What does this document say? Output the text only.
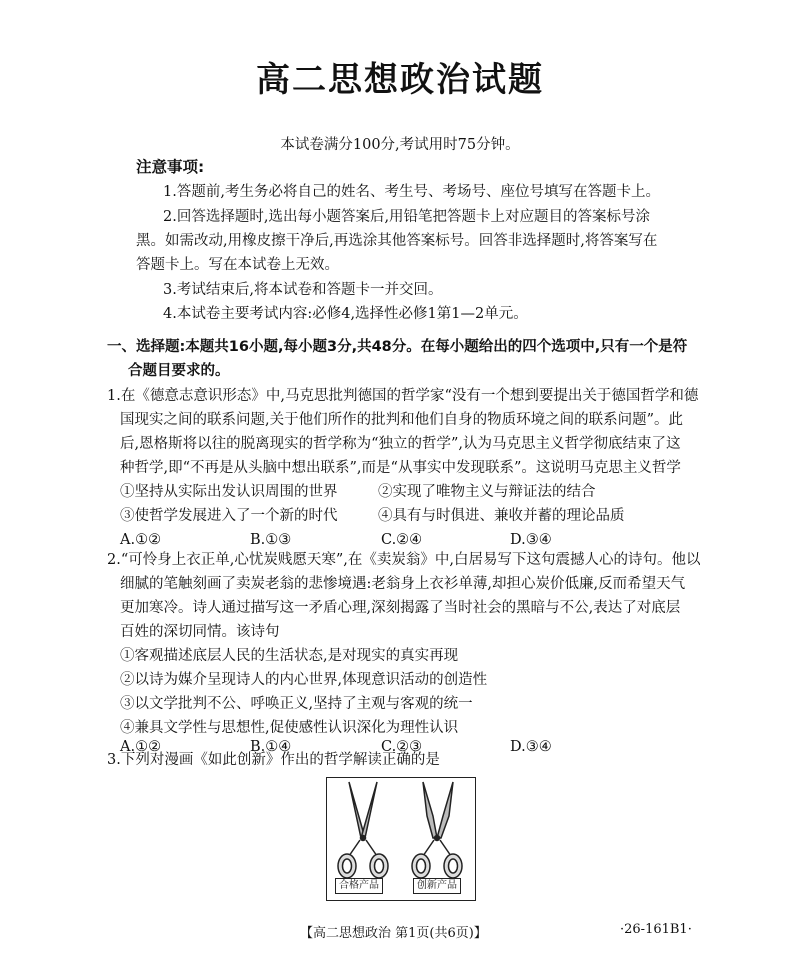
高二思想政治试题
本试卷满分100分,考试用时75分钟。
注意事项:
1.答题前,考生务必将自己的姓名、考生号、考场号、座位号填写在答题卡上。
2.回答选择题时,选出每小题答案后,用铅笔把答题卡上对应题目的答案标号涂
黑。如需改动,用橡皮擦干净后,再选涂其他答案标号。回答非选择题时,将答案写在
答题卡上。写在本试卷上无效。
3.考试结束后,将本试卷和答题卡一并交回。
4.本试卷主要考试内容:必修4,选择性必修1第1—2单元。
一、选择题:本题共16小题,每小题3分,共48分。在每小题给出的四个选项中,只有一个是符
合题目要求的。
1.在《德意志意识形态》中,马克思批判德国的哲学家“没有一个想到要提出关于德国哲学和德
国现实之间的联系问题,关于他们所作的批判和他们自身的物质环境之间的联系问题”。此
后,恩格斯将以往的脱离现实的哲学称为“独立的哲学”,认为马克思主义哲学彻底结束了这
种哲学,即“不再是从头脑中想出联系”,而是“从事实中发现联系”。这说明马克思主义哲学
①坚持从实际出发认识周围的世界	②实现了唯物主义与辩证法的结合
③使哲学发展进入了一个新的时代	④具有与时俱进、兼收并蓄的理论品质
A.①②	B.①③	C.②④	D.③④
2.“可怜身上衣正单,心忧炭贱愿天寒”,在《卖炭翁》中,白居易写下这句震撼人心的诗句。他以
细腻的笔触刻画了卖炭老翁的悲惨境遇:老翁身上衣衫单薄,却担心炭价低廉,反而希望天气
更加寒冷。诗人通过描写这一矛盾心理,深刻揭露了当时社会的黑暗与不公,表达了对底层
百姓的深切同情。该诗句
①客观描述底层人民的生活状态,是对现实的真实再现
②以诗为媒介呈现诗人的内心世界,体现意识活动的创造性
③以文学批判不公、呼唤正义,坚持了主观与客观的统一
④兼具文学性与思想性,促使感性认识深化为理性认识
A.①②	B.①④	C.②③	D.③④
3.下列对漫画《如此创新》作出的哲学解读正确的是
合格产品	创新产品
【高二思想政治 第1页(共6页)】	·26-161B1·
